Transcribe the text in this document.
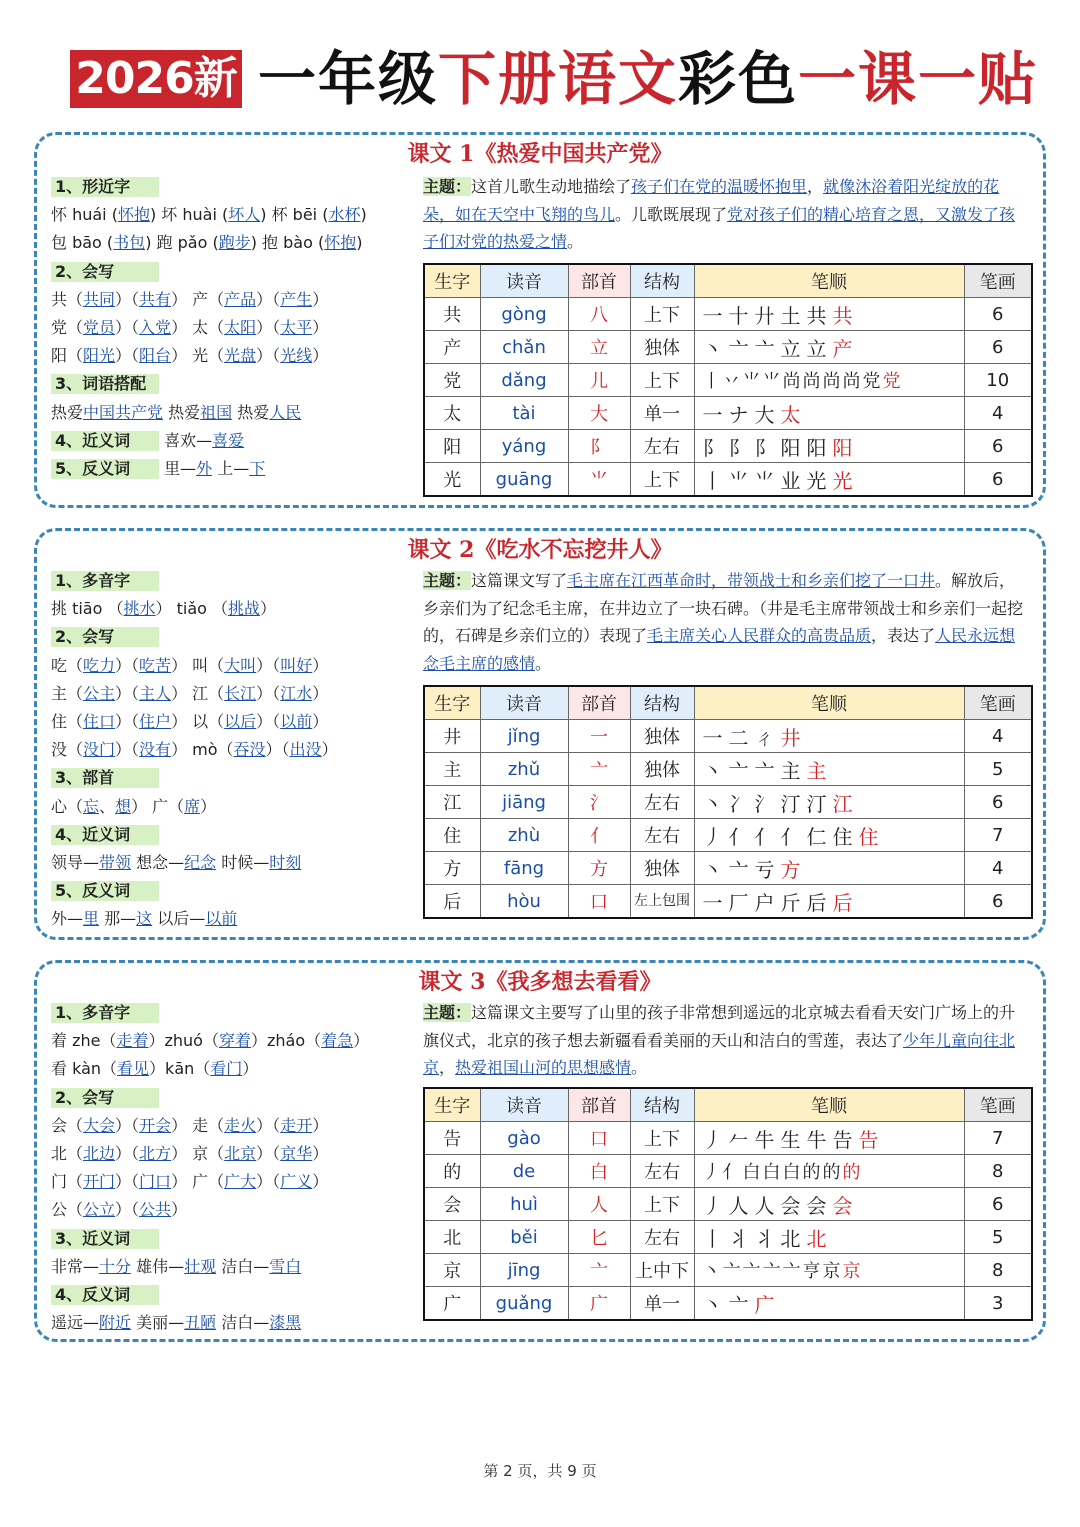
2026新 一年级下册语文彩色一课一贴
课文 1《热爱中国共产党》
1、形近字
怀 huái (怀抱) 坏 huài (坏人) 杯 bēi (水杯)
包 bāo (书包) 跑 pǎo (跑步) 抱 bào (怀抱)
2、会写
共（共同）（共有） 产（产品）（产生）
党（党员）（入党） 太（太阳）（太平）
阳（阳光）（阳台） 光（光盘）（光线）
3、词语搭配
热爱中国共产党 热爱祖国 热爱人民
4、近义词 喜欢—喜爱
5、反义词 里—外 上—下
主题：这首儿歌生动地描绘了孩子们在党的温暖怀抱里，就像沐浴着阳光绽放的花朵，如在天空中飞翔的鸟儿。儿歌既展现了党对孩子们的精心培育之恩，又激发了孩子们对党的热爱之情。
生字	读音	部首	结构	笔顺	笔画
共	gòng	八	上下	一十廾土共共	6
产	chǎn	立	独体	丶亠亠立立产	6
党	dǎng	儿	上下	丨丷⺌⺌尚尚尚尚党党	10
太	tài	大	单一	一ナ大太	4
阳	yáng	阝	左右	⻖阝阝阳阳阳	6
光	guāng	⺌	上下	丨⺌⺌业光光	6
课文 2《吃水不忘挖井人》
1、多音字
挑 tiāo （挑水） tiǎo （挑战）
2、会写
吃（吃力）（吃苦） 叫（大叫）（叫好）
主（公主）（主人） 江（长江）（江水）
住（住口）（住户） 以（以后）（以前）
没（没门）（没有） mò（吞没）（出没）
3、部首
心（忘、想） 广（席）
4、近义词
领导—带领 想念—纪念 时候—时刻
5、反义词
外—里 那—这 以后—以前
主题：这篇课文写了毛主席在江西革命时，带领战士和乡亲们挖了一口井。解放后，乡亲们为了纪念毛主席，在井边立了一块石碑。（井是毛主席带领战士和乡亲们一起挖的，石碑是乡亲们立的）表现了毛主席关心人民群众的高贵品质，表达了人民永远想念毛主席的感情。
生字	读音	部首	结构	笔顺	笔画
井	jǐng	一	独体	一二ㄔ井	4
主	zhǔ	亠	独体	丶亠亠主主	5
江	jiāng	氵	左右	丶冫氵汀汀江	6
住	zhù	亻	左右	丿亻亻亻仁住住	7
方	fāng	方	独体	丶亠亏方	4
后	hòu	口	左上包围	一厂户斤后后	6
课文 3《我多想去看看》
1、多音字
着 zhe（走着）zhuó（穿着）zháo（着急）
看 kàn（看见）kān（看门）
2、会写
会（大会）（开会） 走（走火）（走开）
北（北边）（北方） 京（北京）（京华）
门（开门）（门口） 广（广大）（广义）
公（公立）（公共）
3、近义词
非常—十分 雄伟—壮观 洁白—雪白
4、反义词
遥远—附近 美丽—丑陋 洁白—漆黑
主题：这篇课文主要写了山里的孩子非常想到遥远的北京城去看看天安门广场上的升旗仪式，北京的孩子想去新疆看看美丽的天山和洁白的雪莲，表达了少年儿童向往北京，热爱祖国山河的思想感情。
生字	读音	部首	结构	笔顺	笔画
告	gào	口	上下	丿𠂉牛生牛告告	7
的	de	白	左右	丿亻白白白的的的	8
会	huì	人	上下	丿人人会会会	6
北	běi	匕	左右	丨丬丬北北	5
京	jīng	亠	上中下	丶亠亠亠亠亨京京	8
广	guǎng	广	单一	丶亠广	3
第 2 页，共 9 页
